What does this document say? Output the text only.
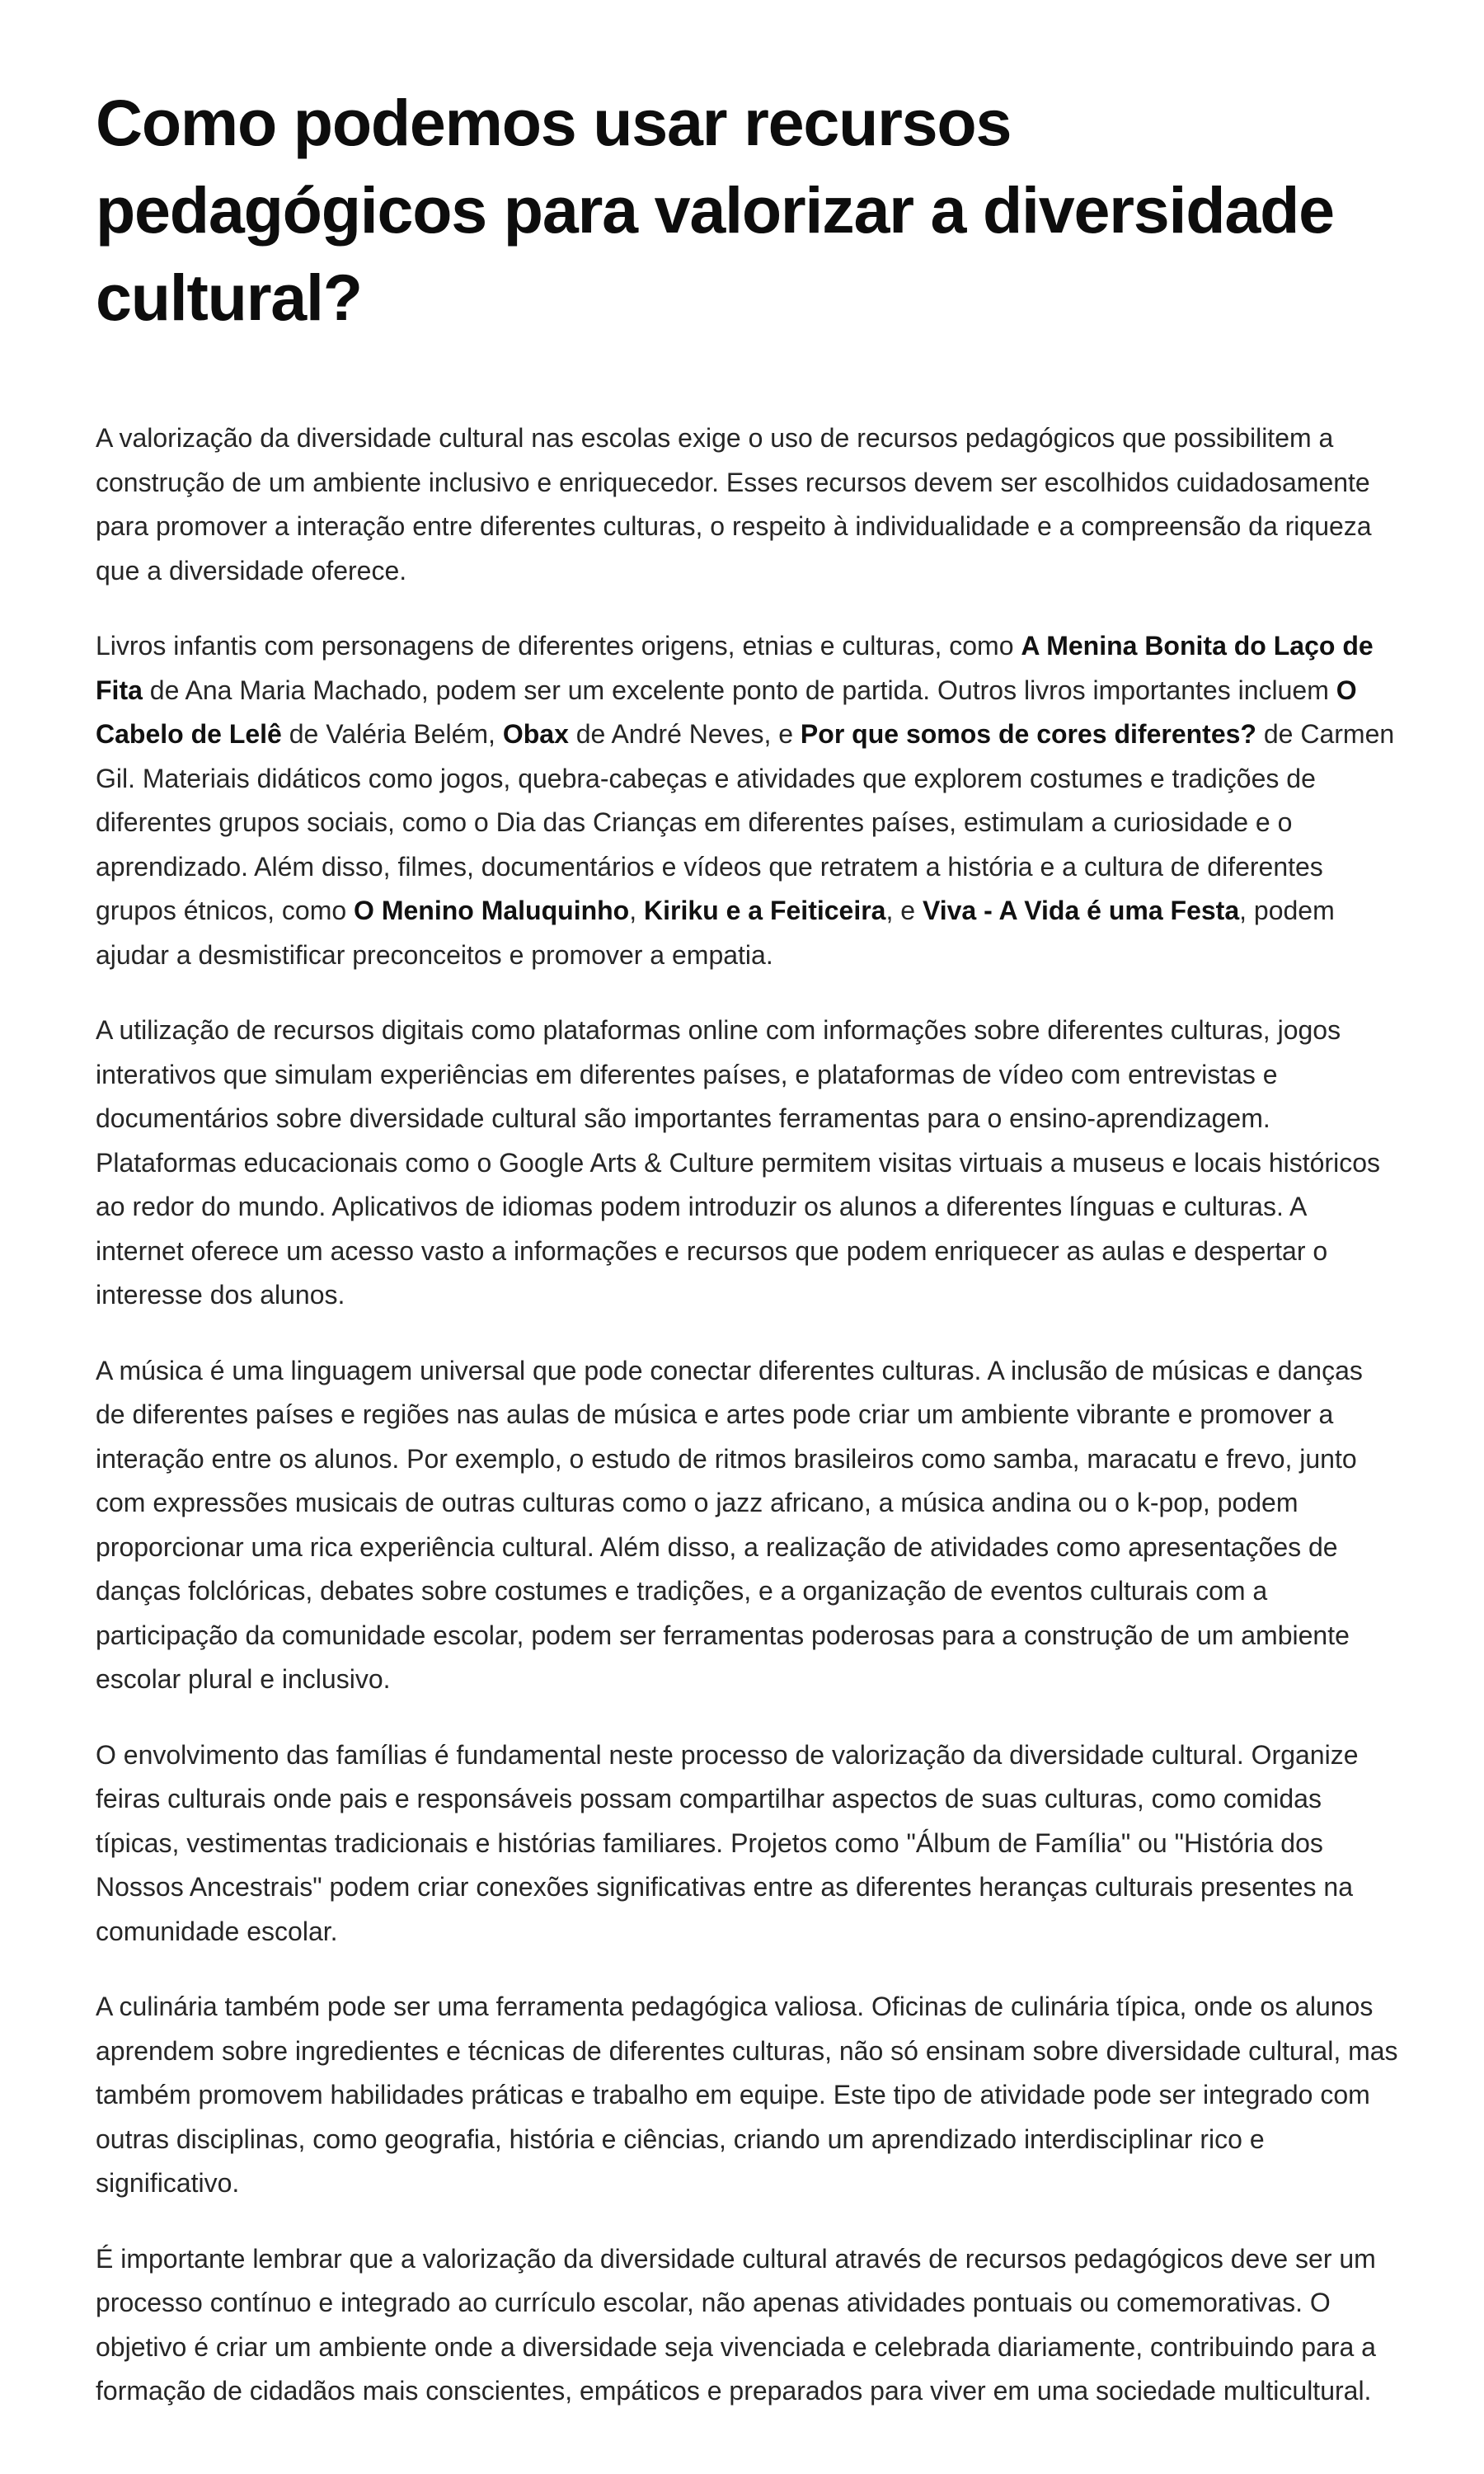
Como podemos usar recursos pedagógicos para valorizar a diversidade cultural?

A valorização da diversidade cultural nas escolas exige o uso de recursos pedagógicos que possibilitem a construção de um ambiente inclusivo e enriquecedor. Esses recursos devem ser escolhidos cuidadosamente para promover a interação entre diferentes culturas, o respeito à individualidade e a compreensão da riqueza que a diversidade oferece.

Livros infantis com personagens de diferentes origens, etnias e culturas, como A Menina Bonita do Laço de Fita de Ana Maria Machado, podem ser um excelente ponto de partida. Outros livros importantes incluem O Cabelo de Lelê de Valéria Belém, Obax de André Neves, e Por que somos de cores diferentes? de Carmen Gil. Materiais didáticos como jogos, quebra-cabeças e atividades que explorem costumes e tradições de diferentes grupos sociais, como o Dia das Crianças em diferentes países, estimulam a curiosidade e o aprendizado. Além disso, filmes, documentários e vídeos que retratem a história e a cultura de diferentes grupos étnicos, como O Menino Maluquinho, Kiriku e a Feiticeira, e Viva - A Vida é uma Festa, podem ajudar a desmistificar preconceitos e promover a empatia.

A utilização de recursos digitais como plataformas online com informações sobre diferentes culturas, jogos interativos que simulam experiências em diferentes países, e plataformas de vídeo com entrevistas e documentários sobre diversidade cultural são importantes ferramentas para o ensino-aprendizagem. Plataformas educacionais como o Google Arts & Culture permitem visitas virtuais a museus e locais históricos ao redor do mundo. Aplicativos de idiomas podem introduzir os alunos a diferentes línguas e culturas. A internet oferece um acesso vasto a informações e recursos que podem enriquecer as aulas e despertar o interesse dos alunos.

A música é uma linguagem universal que pode conectar diferentes culturas. A inclusão de músicas e danças de diferentes países e regiões nas aulas de música e artes pode criar um ambiente vibrante e promover a interação entre os alunos. Por exemplo, o estudo de ritmos brasileiros como samba, maracatu e frevo, junto com expressões musicais de outras culturas como o jazz africano, a música andina ou o k-pop, podem proporcionar uma rica experiência cultural. Além disso, a realização de atividades como apresentações de danças folclóricas, debates sobre costumes e tradições, e a organização de eventos culturais com a participação da comunidade escolar, podem ser ferramentas poderosas para a construção de um ambiente escolar plural e inclusivo.

O envolvimento das famílias é fundamental neste processo de valorização da diversidade cultural. Organize feiras culturais onde pais e responsáveis possam compartilhar aspectos de suas culturas, como comidas típicas, vestimentas tradicionais e histórias familiares. Projetos como "Álbum de Família" ou "História dos Nossos Ancestrais" podem criar conexões significativas entre as diferentes heranças culturais presentes na comunidade escolar.

A culinária também pode ser uma ferramenta pedagógica valiosa. Oficinas de culinária típica, onde os alunos aprendem sobre ingredientes e técnicas de diferentes culturas, não só ensinam sobre diversidade cultural, mas também promovem habilidades práticas e trabalho em equipe. Este tipo de atividade pode ser integrado com outras disciplinas, como geografia, história e ciências, criando um aprendizado interdisciplinar rico e significativo.

É importante lembrar que a valorização da diversidade cultural através de recursos pedagógicos deve ser um processo contínuo e integrado ao currículo escolar, não apenas atividades pontuais ou comemorativas. O objetivo é criar um ambiente onde a diversidade seja vivenciada e celebrada diariamente, contribuindo para a formação de cidadãos mais conscientes, empáticos e preparados para viver em uma sociedade multicultural.
